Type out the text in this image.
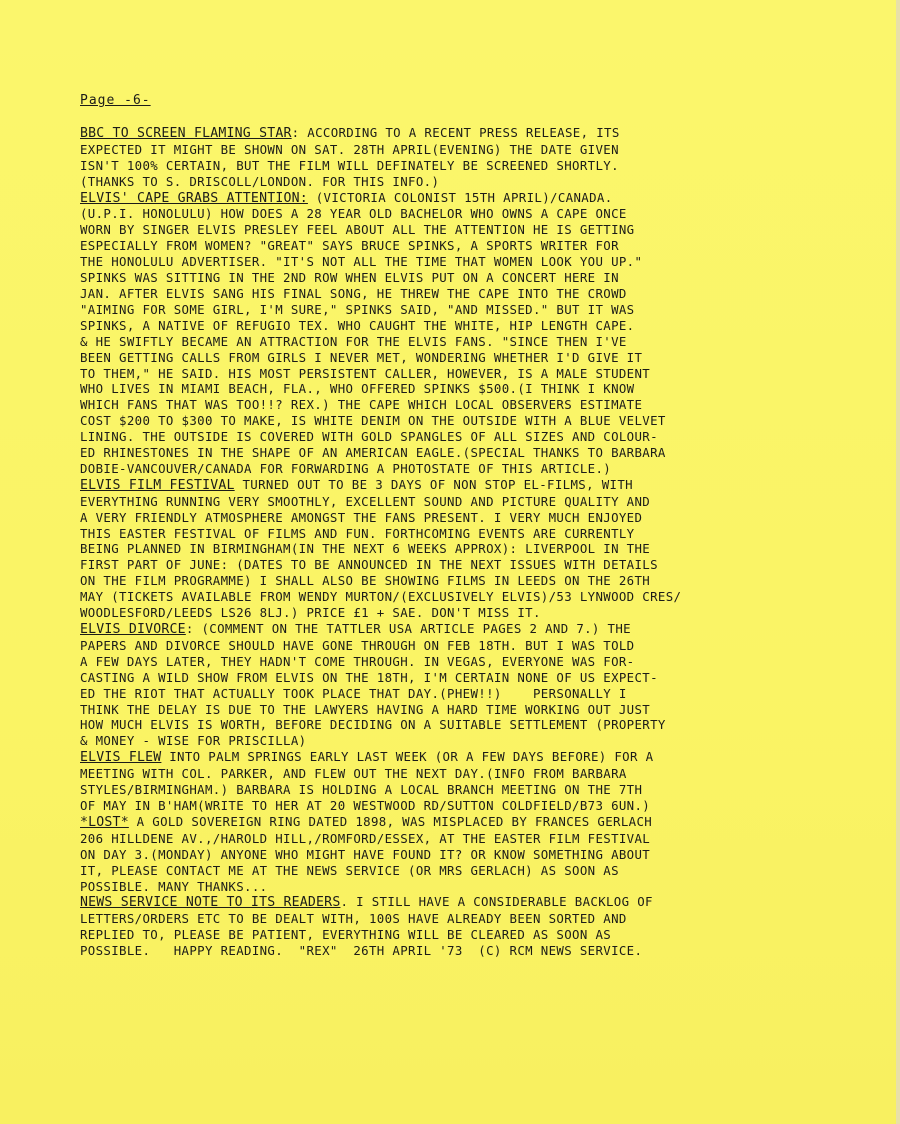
Page -6-
BBC TO SCREEN FLAMING STAR: ACCORDING TO A RECENT PRESS RELEASE, ITS
EXPECTED IT MIGHT BE SHOWN ON SAT. 28TH APRIL(EVENING) THE DATE GIVEN
ISN'T 100% CERTAIN, BUT THE FILM WILL DEFINATELY BE SCREENED SHORTLY.
(THANKS TO S. DRISCOLL/LONDON. FOR THIS INFO.)
ELVIS' CAPE GRABS ATTENTION: (VICTORIA COLONIST 15TH APRIL)/CANADA.
(U.P.I. HONOLULU) HOW DOES A 28 YEAR OLD BACHELOR WHO OWNS A CAPE ONCE
WORN BY SINGER ELVIS PRESLEY FEEL ABOUT ALL THE ATTENTION HE IS GETTING
ESPECIALLY FROM WOMEN? "GREAT" SAYS BRUCE SPINKS, A SPORTS WRITER FOR
THE HONOLULU ADVERTISER. "IT'S NOT ALL THE TIME THAT WOMEN LOOK YOU UP."
SPINKS WAS SITTING IN THE 2ND ROW WHEN ELVIS PUT ON A CONCERT HERE IN
JAN. AFTER ELVIS SANG HIS FINAL SONG, HE THREW THE CAPE INTO THE CROWD
"AIMING FOR SOME GIRL, I'M SURE," SPINKS SAID, "AND MISSED." BUT IT WAS
SPINKS, A NATIVE OF REFUGIO TEX. WHO CAUGHT THE WHITE, HIP LENGTH CAPE.
& HE SWIFTLY BECAME AN ATTRACTION FOR THE ELVIS FANS. "SINCE THEN I'VE
BEEN GETTING CALLS FROM GIRLS I NEVER MET, WONDERING WHETHER I'D GIVE IT
TO THEM," HE SAID. HIS MOST PERSISTENT CALLER, HOWEVER, IS A MALE STUDENT
WHO LIVES IN MIAMI BEACH, FLA., WHO OFFERED SPINKS $500.(I THINK I KNOW
WHICH FANS THAT WAS TOO!!? REX.) THE CAPE WHICH LOCAL OBSERVERS ESTIMATE
COST $200 TO $300 TO MAKE, IS WHITE DENIM ON THE OUTSIDE WITH A BLUE VELVET
LINING. THE OUTSIDE IS COVERED WITH GOLD SPANGLES OF ALL SIZES AND COLOUR-
ED RHINESTONES IN THE SHAPE OF AN AMERICAN EAGLE.(SPECIAL THANKS TO BARBARA
DOBIE-VANCOUVER/CANADA FOR FORWARDING A PHOTOSTATE OF THIS ARTICLE.)
ELVIS FILM FESTIVAL TURNED OUT TO BE 3 DAYS OF NON STOP EL-FILMS, WITH
EVERYTHING RUNNING VERY SMOOTHLY, EXCELLENT SOUND AND PICTURE QUALITY AND
A VERY FRIENDLY ATMOSPHERE AMONGST THE FANS PRESENT. I VERY MUCH ENJOYED
THIS EASTER FESTIVAL OF FILMS AND FUN. FORTHCOMING EVENTS ARE CURRENTLY
BEING PLANNED IN BIRMINGHAM(IN THE NEXT 6 WEEKS APPROX): LIVERPOOL IN THE
FIRST PART OF JUNE: (DATES TO BE ANNOUNCED IN THE NEXT ISSUES WITH DETAILS
ON THE FILM PROGRAMME) I SHALL ALSO BE SHOWING FILMS IN LEEDS ON THE 26TH
MAY (TICKETS AVAILABLE FROM WENDY MURTON/(EXCLUSIVELY ELVIS)/53 LYNWOOD CRES/
WOODLESFORD/LEEDS LS26 8LJ.) PRICE £1 + SAE. DON'T MISS IT.
ELVIS DIVORCE: (COMMENT ON THE TATTLER USA ARTICLE PAGES 2 AND 7.) THE
PAPERS AND DIVORCE SHOULD HAVE GONE THROUGH ON FEB 18TH. BUT I WAS TOLD
A FEW DAYS LATER, THEY HADN'T COME THROUGH. IN VEGAS, EVERYONE WAS FOR-
CASTING A WILD SHOW FROM ELVIS ON THE 18TH, I'M CERTAIN NONE OF US EXPECT-
ED THE RIOT THAT ACTUALLY TOOK PLACE THAT DAY.(PHEW!!)    PERSONALLY I
THINK THE DELAY IS DUE TO THE LAWYERS HAVING A HARD TIME WORKING OUT JUST
HOW MUCH ELVIS IS WORTH, BEFORE DECIDING ON A SUITABLE SETTLEMENT (PROPERTY
& MONEY - WISE FOR PRISCILLA)
ELVIS FLEW INTO PALM SPRINGS EARLY LAST WEEK (OR A FEW DAYS BEFORE) FOR A
MEETING WITH COL. PARKER, AND FLEW OUT THE NEXT DAY.(INFO FROM BARBARA
STYLES/BIRMINGHAM.) BARBARA IS HOLDING A LOCAL BRANCH MEETING ON THE 7TH
OF MAY IN B'HAM(WRITE TO HER AT 20 WESTWOOD RD/SUTTON COLDFIELD/B73 6UN.)
*LOST* A GOLD SOVEREIGN RING DATED 1898, WAS MISPLACED BY FRANCES GERLACH
206 HILLDENE AV.,/HAROLD HILL,/ROMFORD/ESSEX, AT THE EASTER FILM FESTIVAL
ON DAY 3.(MONDAY) ANYONE WHO MIGHT HAVE FOUND IT? OR KNOW SOMETHING ABOUT
IT, PLEASE CONTACT ME AT THE NEWS SERVICE (OR MRS GERLACH) AS SOON AS
POSSIBLE. MANY THANKS...
NEWS SERVICE NOTE TO ITS READERS. I STILL HAVE A CONSIDERABLE BACKLOG OF
LETTERS/ORDERS ETC TO BE DEALT WITH, 100S HAVE ALREADY BEEN SORTED AND
REPLIED TO, PLEASE BE PATIENT, EVERYTHING WILL BE CLEARED AS SOON AS
POSSIBLE.   HAPPY READING.  "REX"  26TH APRIL '73  (C) RCM NEWS SERVICE.
